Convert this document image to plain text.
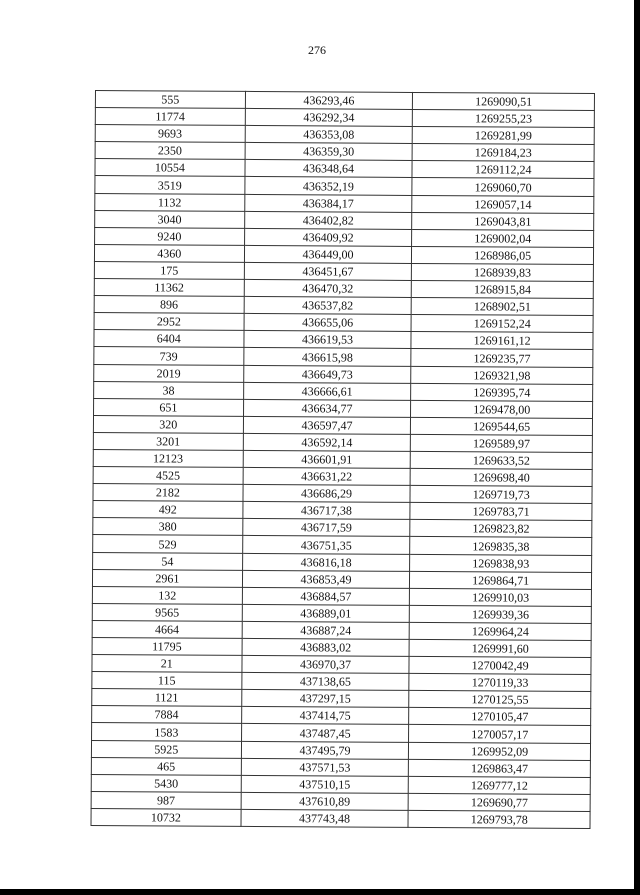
276
555	436293,46	1269090,51
11774	436292,34	1269255,23
9693	436353,08	1269281,99
2350	436359,30	1269184,23
10554	436348,64	1269112,24
3519	436352,19	1269060,70
1132	436384,17	1269057,14
3040	436402,82	1269043,81
9240	436409,92	1269002,04
4360	436449,00	1268986,05
175	436451,67	1268939,83
11362	436470,32	1268915,84
896	436537,82	1268902,51
2952	436655,06	1269152,24
6404	436619,53	1269161,12
739	436615,98	1269235,77
2019	436649,73	1269321,98
38	436666,61	1269395,74
651	436634,77	1269478,00
320	436597,47	1269544,65
3201	436592,14	1269589,97
12123	436601,91	1269633,52
4525	436631,22	1269698,40
2182	436686,29	1269719,73
492	436717,38	1269783,71
380	436717,59	1269823,82
529	436751,35	1269835,38
54	436816,18	1269838,93
2961	436853,49	1269864,71
132	436884,57	1269910,03
9565	436889,01	1269939,36
4664	436887,24	1269964,24
11795	436883,02	1269991,60
21	436970,37	1270042,49
115	437138,65	1270119,33
1121	437297,15	1270125,55
7884	437414,75	1270105,47
1583	437487,45	1270057,17
5925	437495,79	1269952,09
465	437571,53	1269863,47
5430	437510,15	1269777,12
987	437610,89	1269690,77
10732	437743,48	1269793,78
